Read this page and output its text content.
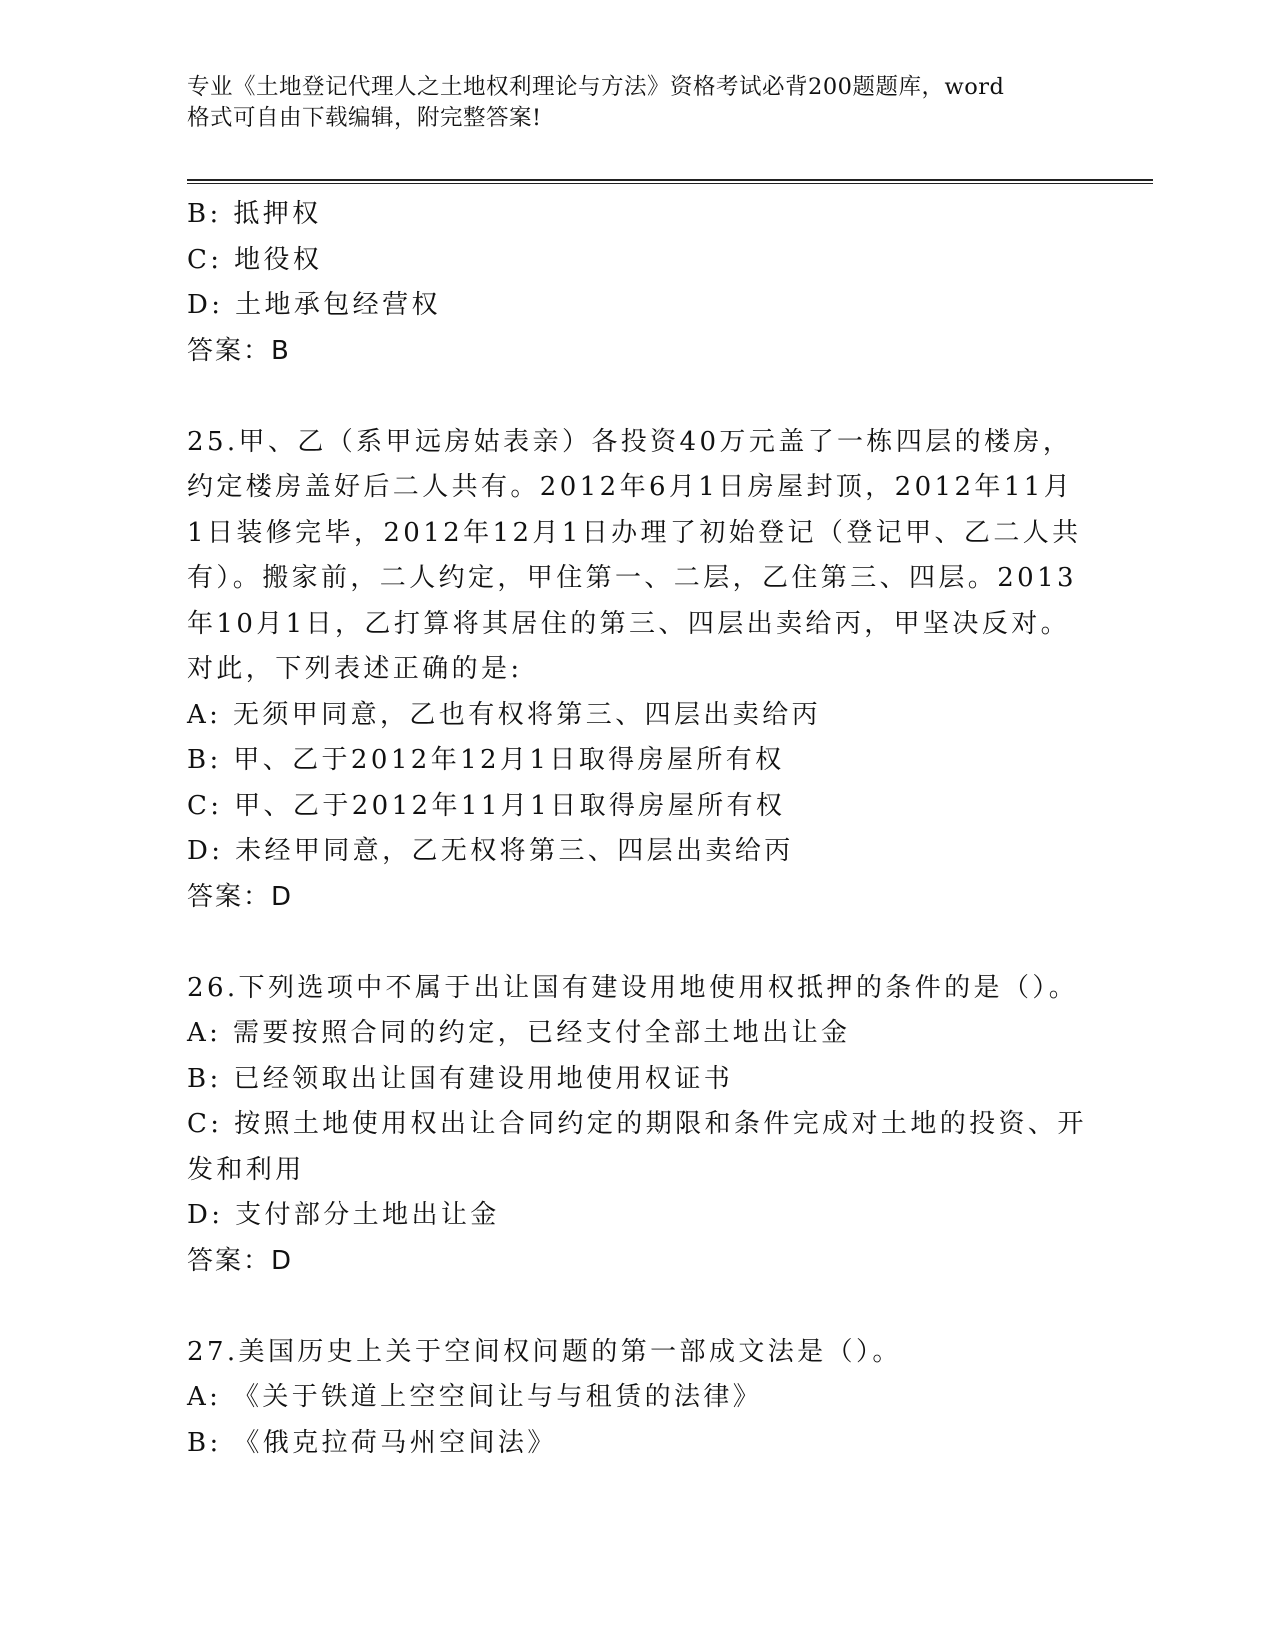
专业《土地登记代理人之土地权利理论与方法》资格考试必背200题题库，word
格式可自由下载编辑，附完整答案!
B: 抵押权
C: 地役权
D: 土地承包经营权
答案：B
25.甲、乙（系甲远房姑表亲）各投资40万元盖了一栋四层的楼房，
约定楼房盖好后二人共有。2012年6月1日房屋封顶，2012年11月
1日装修完毕，2012年12月1日办理了初始登记（登记甲、乙二人共
有）。搬家前，二人约定，甲住第一、二层，乙住第三、四层。2013
年10月1日，乙打算将其居住的第三、四层出卖给丙，甲坚决反对。
对此，下列表述正确的是:
A: 无须甲同意，乙也有权将第三、四层出卖给丙
B: 甲、乙于2012年12月1日取得房屋所有权
C: 甲、乙于2012年11月1日取得房屋所有权
D: 未经甲同意，乙无权将第三、四层出卖给丙
答案：D
26.下列选项中不属于出让国有建设用地使用权抵押的条件的是（）。
A: 需要按照合同的约定，已经支付全部土地出让金
B: 已经领取出让国有建设用地使用权证书
C: 按照土地使用权出让合同约定的期限和条件完成对土地的投资、开
发和利用
D: 支付部分土地出让金
答案：D
27.美国历史上关于空间权问题的第一部成文法是（）。
A: 《关于铁道上空空间让与与租赁的法律》
B: 《俄克拉荷马州空间法》
